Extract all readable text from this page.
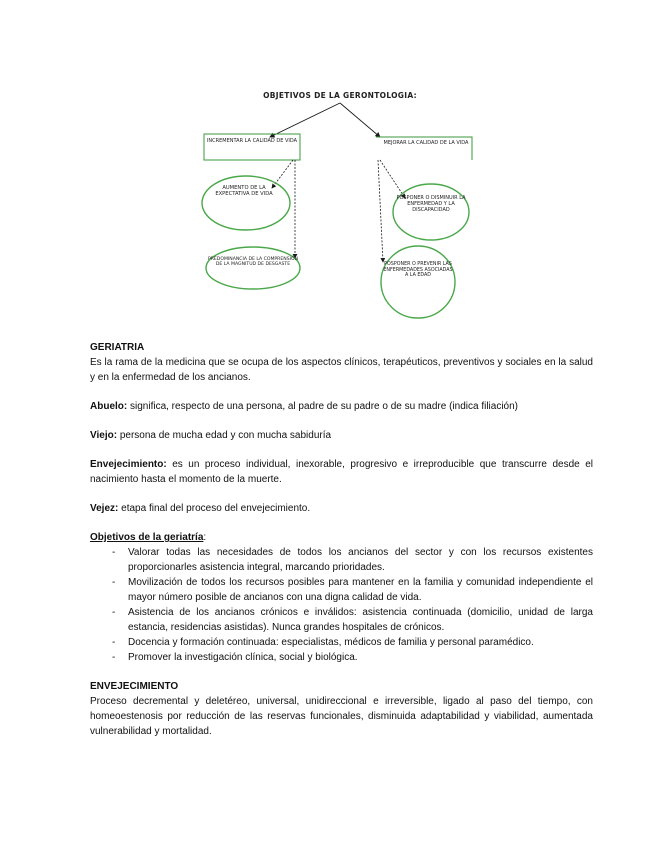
OBJETIVOS DE LA GERONTOLOGIA:
INCREMENTAR LA CALIDAD DE VIDA	MEJORAR LA CALIDAD DE LA VIDA
AUMENTO DE LA EXPECTATIVA DE VIDA
PREDOMINANCIA DE LA COMPRENSIÓN DE LA MAGNITUD DE DESGASTE
POSPONER O DISMINUIR LA ENFERMEDAD Y LA DISCAPACIDAD
POSPONER O PREVENIR LAS ENFERMEDADES ASOCIADAS A LA EDAD

GERIATRIA

Es la rama de la medicina que se ocupa de los aspectos clínicos, terapéuticos, preventivos y sociales en la salud y en la enfermedad de los ancianos.

Abuelo: significa, respecto de una persona, al padre de su padre o de su madre (indica filiación)

Viejo: persona de mucha edad y con mucha sabiduría

Envejecimiento: es un proceso individual, inexorable, progresivo e irreproducible que transcurre desde el nacimiento hasta el momento de la muerte.

Vejez: etapa final del proceso del envejecimiento.

Objetivos de la geriatría:

- Valorar todas las necesidades de todos los ancianos del sector y con los recursos existentes proporcionarles asistencia integral, marcando prioridades.
- Movilización de todos los recursos posibles para mantener en la familia y comunidad independiente el mayor número posible de ancianos con una digna calidad de vida.
- Asistencia de los ancianos crónicos e inválidos: asistencia continuada (domicilio, unidad de larga estancia, residencias asistidas). Nunca grandes hospitales de crónicos.
- Docencia y formación continuada: especialistas, médicos de familia y personal paramédico.
- Promover la investigación clínica, social y biológica.

ENVEJECIMIENTO

Proceso decremental y deletéreo, universal, unidireccional e irreversible, ligado al paso del tiempo, con homeoestenosis por reducción de las reservas funcionales, disminuida adaptabilidad y viabilidad, aumentada vulnerabilidad y mortalidad.
